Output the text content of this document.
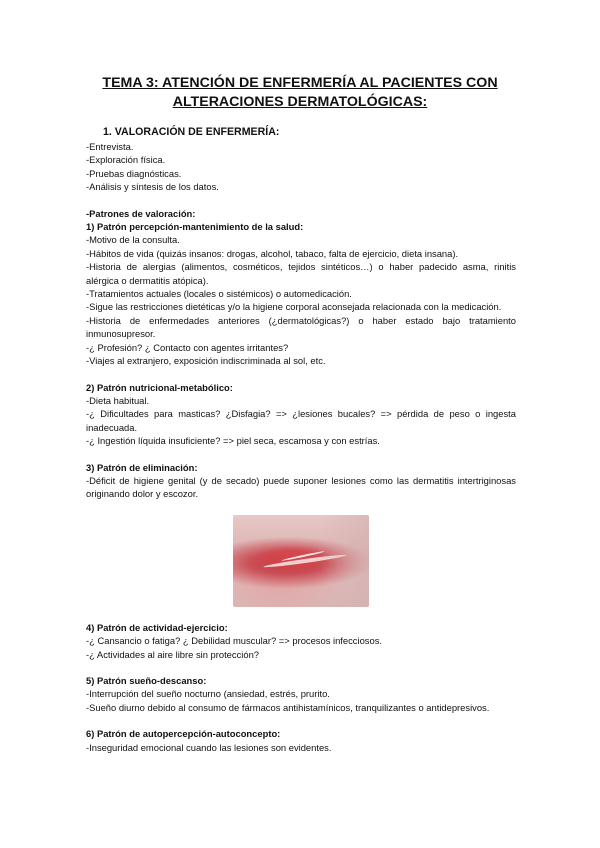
TEMA 3: ATENCIÓN DE ENFERMERÍA AL PACIENTES CON
ALTERACIONES DERMATOLÓGICAS:
1. VALORACIÓN DE ENFERMERÍA:
-Entrevista.
-Exploración física.
-Pruebas diagnósticas.
-Análisis y síntesis de los datos.
-Patrones de valoración:
1) Patrón percepción-mantenimiento de la salud:
-Motivo de la consulta.
-Hábitos de vida (quizás insanos: drogas, alcohol, tabaco, falta de ejercicio, dieta insana).
-Historia de alergias (alimentos, cosméticos, tejidos sintéticos…) o haber padecido asma, rinitis alérgica o dermatitis atópica).
-Tratamientos actuales (locales o sistémicos) o automedicación.
-Sigue las restricciones dietéticas y/o la higiene corporal aconsejada relacionada con la medicación.
-Historia de enfermedades anteriores (¿dermatológicas?) o haber estado bajo tratamiento inmunosupresor.
-¿ Profesión? ¿ Contacto con agentes irritantes?
-Viajes al extranjero, exposición indiscriminada al sol, etc.
2) Patrón nutricional-metabólico:
-Dieta habitual.
-¿ Dificultades para masticas? ¿Disfagia? => ¿lesiones bucales? => pérdida de peso o ingesta inadecuada.
-¿ Ingestión líquida insuficiente? => piel seca, escamosa y con estrías.
3) Patrón de eliminación:
-Déficit de higiene genital (y de secado) puede suponer lesiones como las dermatitis intertriginosas originando dolor y escozor.
4) Patrón de actividad-ejercicio:
-¿ Cansancio o fatiga? ¿ Debilidad muscular? => procesos infecciosos.
-¿ Actividades al aire libre sin protección?
5) Patrón sueño-descanso:
-Interrupción del sueño nocturno (ansiedad, estrés, prurito.
-Sueño diurno debido al consumo de fármacos antihistamínicos, tranquilizantes o antidepresivos.
6) Patrón de autopercepción-autoconcepto:
-Inseguridad emocional cuando las lesiones son evidentes.
